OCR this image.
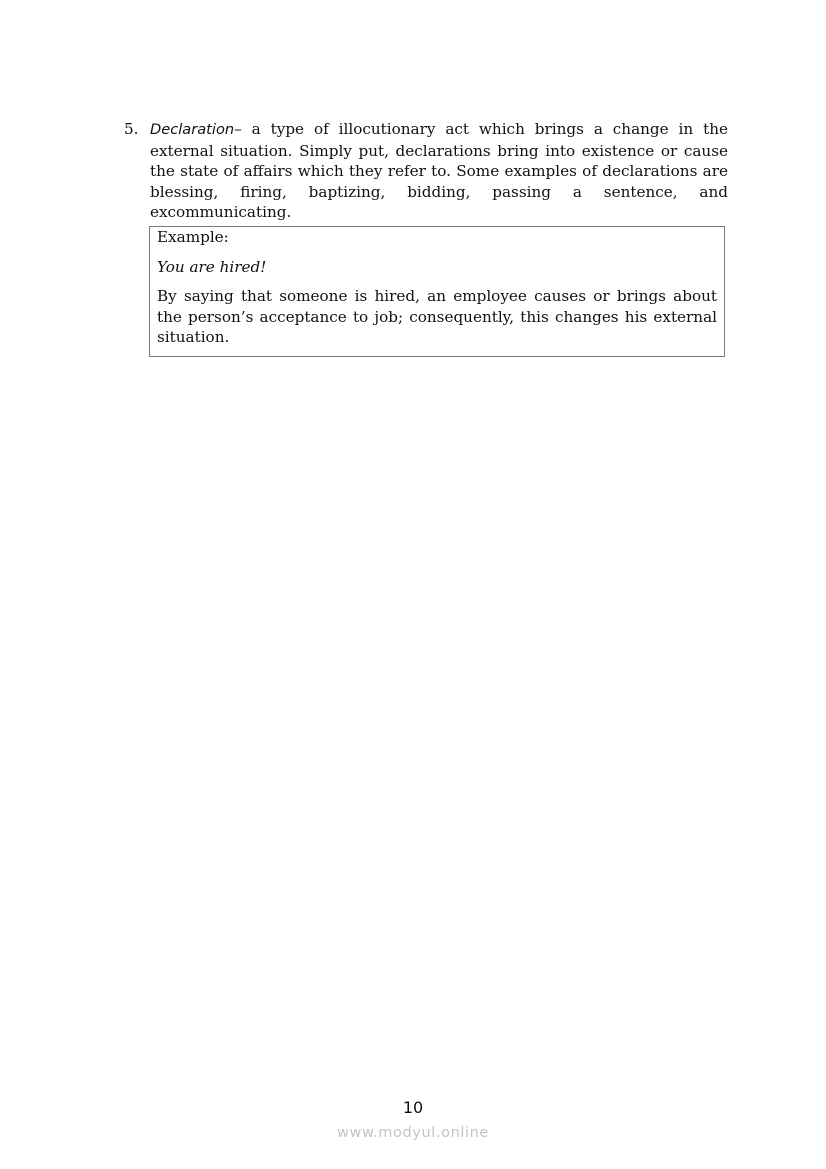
5. Declaration– a type of illocutionary act which brings a change in the external situation. Simply put, declarations bring into existence or cause the state of affairs which they refer to. Some examples of declarations are blessing, firing, baptizing, bidding, passing a sentence, and excommunicating.
Example:
You are hired!
By saying that someone is hired, an employee causes or brings about the person’s acceptance to job; consequently, this changes his external situation.
10
www.modyul.online
